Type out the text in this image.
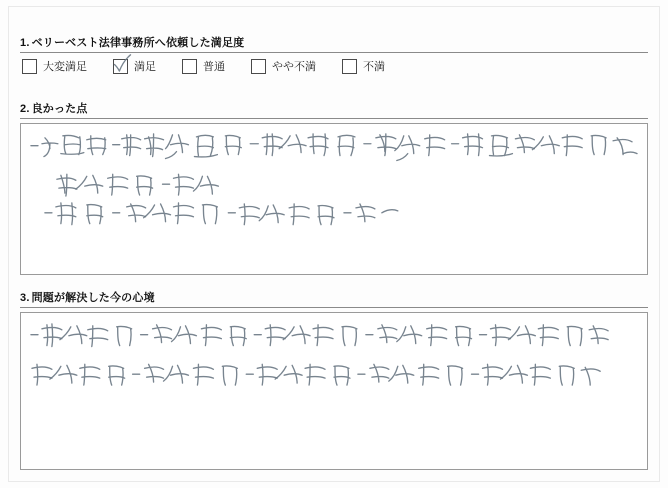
1. ベリーベスト法律事務所へ依頼した満足度
大変満足	満足	普通	やや不満	不満
2. 良かった点
3. 問題が解決した今の心境
